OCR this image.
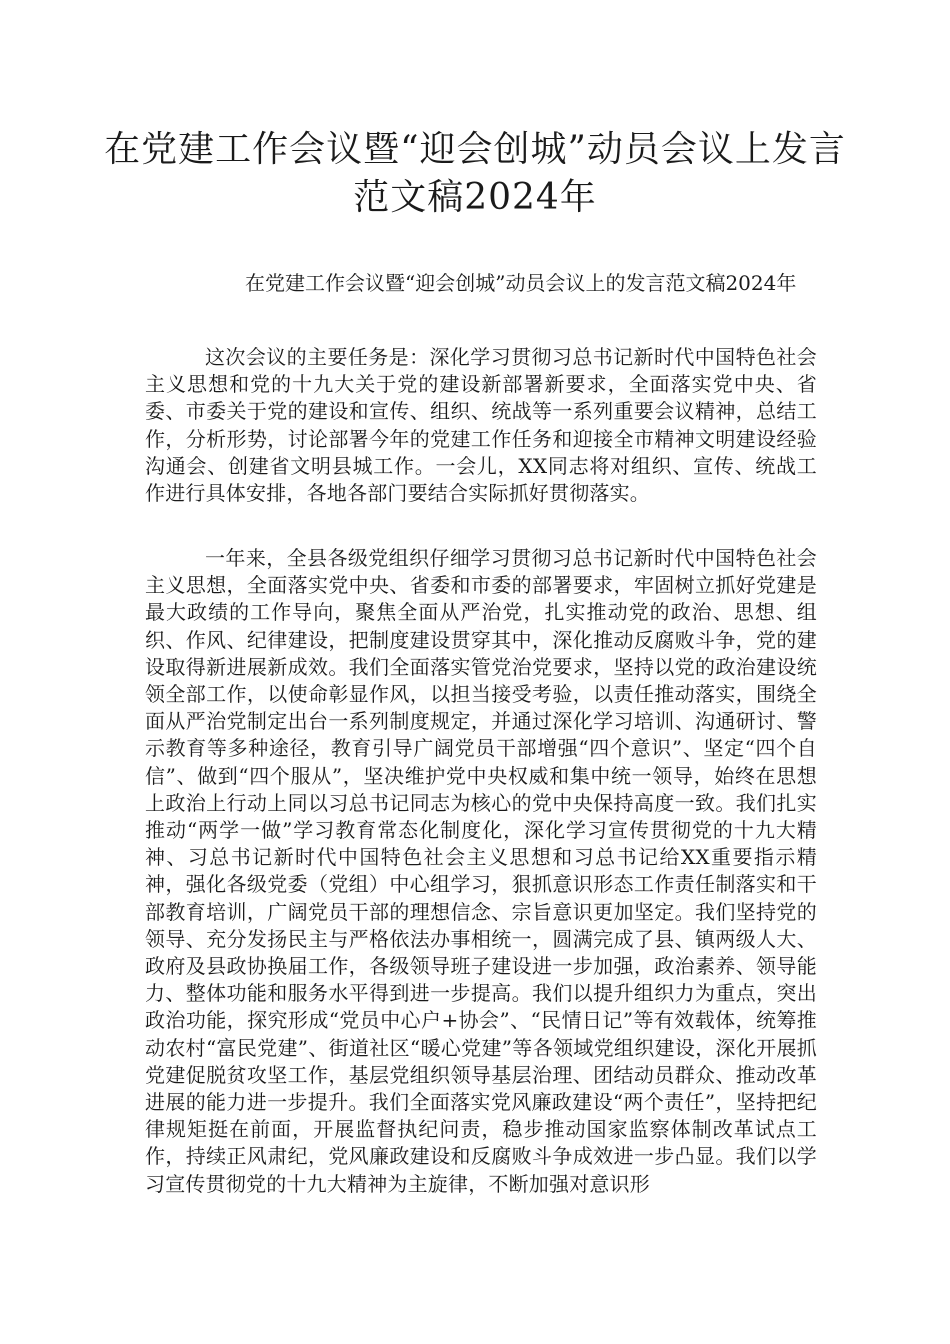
在党建工作会议暨“迎会创城”动员会议上发言范文稿2024年

在党建工作会议暨“迎会创城”动员会议上的发言范文稿2024年

这次会议的主要任务是：深化学习贯彻习总书记新时代中国特色社会主义思想和党的十九大关于党的建设新部署新要求，全面落实党中央、省委、市委关于党的建设和宣传、组织、统战等一系列重要会议精神，总结工作，分析形势，讨论部署今年的党建工作任务和迎接全市精神文明建设经验沟通会、创建省文明县城工作。一会儿，XX同志将对组织、宣传、统战工作进行具体安排，各地各部门要结合实际抓好贯彻落实。

一年来，全县各级党组织仔细学习贯彻习总书记新时代中国特色社会主义思想，全面落实党中央、省委和市委的部署要求，牢固树立抓好党建是最大政绩的工作导向，聚焦全面从严治党，扎实推动党的政治、思想、组织、作风、纪律建设，把制度建设贯穿其中，深化推动反腐败斗争，党的建设取得新进展新成效。我们全面落实管党治党要求，坚持以党的政治建设统领全部工作，以使命彰显作风，以担当接受考验，以责任推动落实，围绕全面从严治党制定出台一系列制度规定，并通过深化学习培训、沟通研讨、警示教育等多种途径，教育引导广阔党员干部增强“四个意识”、坚定“四个自信”、做到“四个服从”，坚决维护党中央权威和集中统一领导，始终在思想上政治上行动上同以习总书记同志为核心的党中央保持高度一致。我们扎实推动“两学一做”学习教育常态化制度化，深化学习宣传贯彻党的十九大精神、习总书记新时代中国特色社会主义思想和习总书记给XX重要指示精神，强化各级党委（党组）中心组学习，狠抓意识形态工作责任制落实和干部教育培训，广阔党员干部的理想信念、宗旨意识更加坚定。我们坚持党的领导、充分发扬民主与严格依法办事相统一，圆满完成了县、镇两级人大、政府及县政协换届工作，各级领导班子建设进一步加强，政治素养、领导能力、整体功能和服务水平得到进一步提高。我们以提升组织力为重点，突出政治功能，探究形成“党员中心户+协会”、“民情日记”等有效载体，统筹推动农村“富民党建”、街道社区“暖心党建”等各领域党组织建设，深化开展抓党建促脱贫攻坚工作，基层党组织领导基层治理、团结动员群众、推动改革进展的能力进一步提升。我们全面落实党风廉政建设“两个责任”，坚持把纪律规矩挺在前面，开展监督执纪问责，稳步推动国家监察体制改革试点工作，持续正风肃纪，党风廉政建设和反腐败斗争成效进一步凸显。我们以学习宣传贯彻党的十九大精神为主旋律，不断加强对意识形
